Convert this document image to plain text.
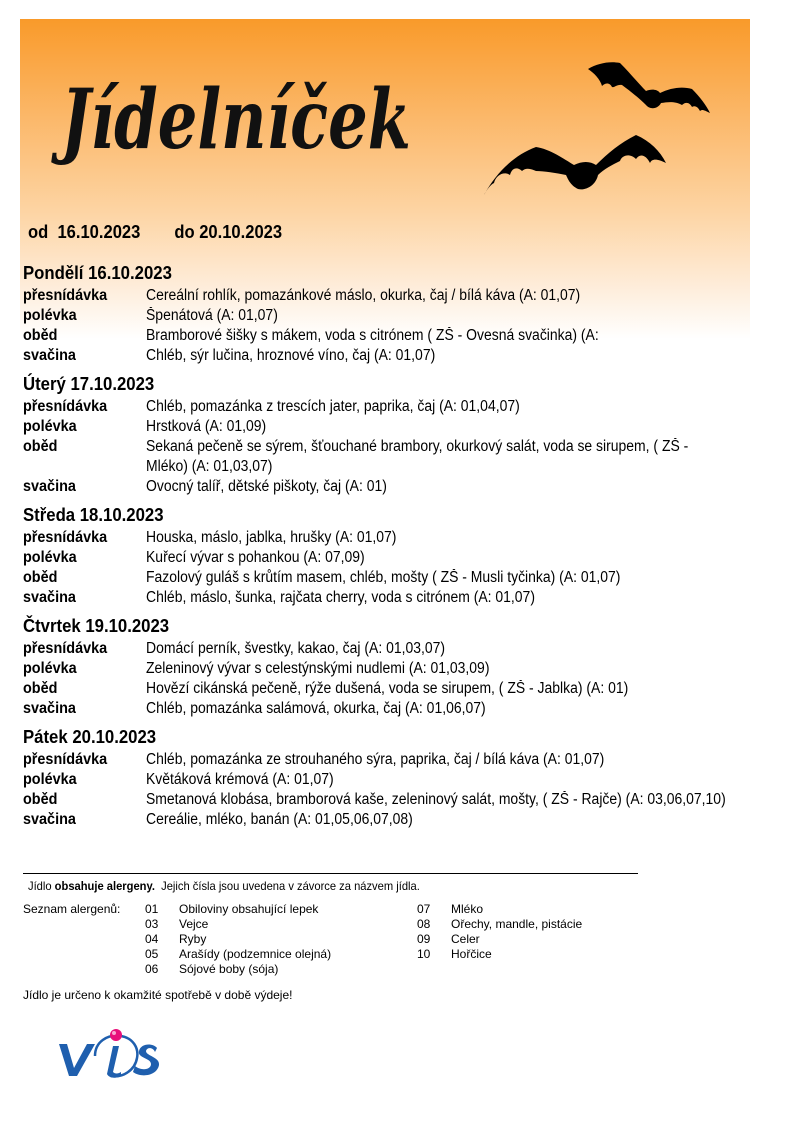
Jídelníček
od 16.10.2023 do 20.10.2023
Pondělí 16.10.2023
přesnídávka	Cereální rohlík, pomazánkové máslo, okurka, čaj / bílá káva (A: 01,07)
polévka	Špenátová (A: 01,07)
oběd	Bramborové šišky s mákem, voda s citrónem ( ZŠ - Ovesná svačinka) (A:
svačina	Chléb, sýr lučina, hroznové víno, čaj (A: 01,07)
Úterý 17.10.2023
přesnídávka	Chléb, pomazánka z trescích jater, paprika, čaj (A: 01,04,07)
polévka	Hrstková (A: 01,09)
oběd	Sekaná pečeně se sýrem, šťouchané brambory, okurkový salát, voda se sirupem, ( ZŠ - Mléko) (A: 01,03,07)
svačina	Ovocný talíř, dětské piškoty, čaj (A: 01)
Středa 18.10.2023
přesnídávka	Houska, máslo, jablka, hrušky (A: 01,07)
polévka	Kuřecí vývar s pohankou (A: 07,09)
oběd	Fazolový guláš s krůtím masem, chléb, mošty ( ZŠ - Musli tyčinka) (A: 01,07)
svačina	Chléb, máslo, šunka, rajčata cherry, voda s citrónem (A: 01,07)
Čtvrtek 19.10.2023
přesnídávka	Domácí perník, švestky, kakao, čaj (A: 01,03,07)
polévka	Zeleninový vývar s celestýnskými nudlemi (A: 01,03,09)
oběd	Hovězí cikánská pečeně, rýže dušená, voda se sirupem, ( ZŠ - Jablka) (A: 01)
svačina	Chléb, pomazánka salámová, okurka, čaj (A: 01,06,07)
Pátek 20.10.2023
přesnídávka	Chléb, pomazánka ze strouhaného sýra, paprika, čaj / bílá káva (A: 01,07)
polévka	Květáková krémová (A: 01,07)
oběd	Smetanová klobása, bramborová kaše, zeleninový salát, mošty, ( ZŠ - Rajče) (A: 03,06,07,10)
svačina	Cereálie, mléko, banán (A: 01,05,06,07,08)
Jídlo obsahuje alergeny.  Jejich čísla jsou uvedena v závorce za názvem jídla.
Seznam alergenů: 01	Obiloviny obsahující lepek
03	Vejce
04	Ryby
05	Arašídy (podzemnice olejná)
06	Sójové boby (sója)
07	Mléko
08	Ořechy, mandle, pistácie
09	Celer
10	Hořčice
Jídlo je určeno k okamžité spotřebě v době výdeje!
